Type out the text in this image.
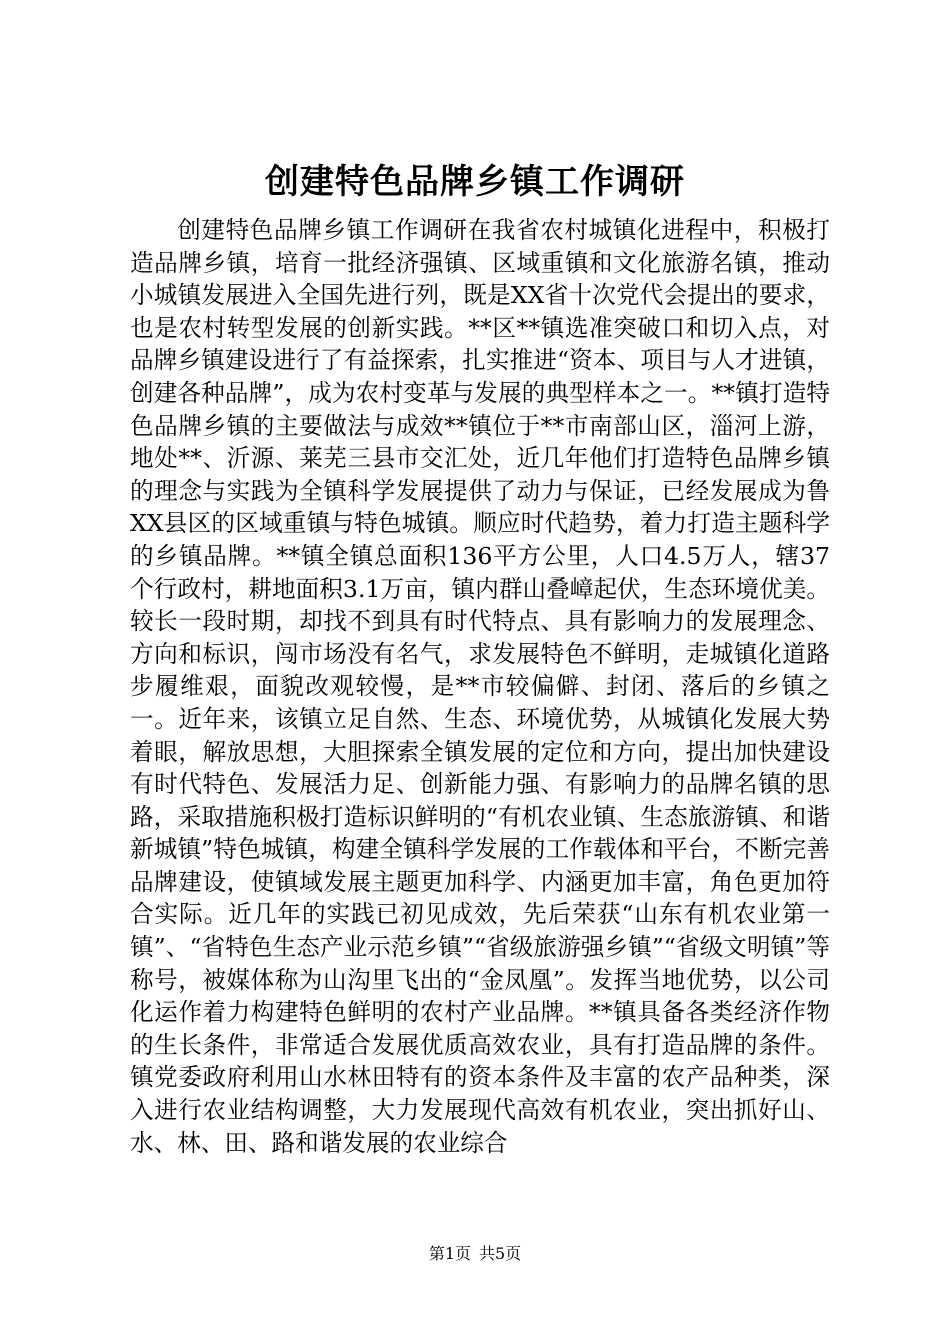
创建特色品牌乡镇工作调研

创建特色品牌乡镇工作调研在我省农村城镇化进程中，积极打造品牌乡镇，培育一批经济强镇、区域重镇和文化旅游名镇，推动小城镇发展进入全国先进行列，既是XX省十次党代会提出的要求，也是农村转型发展的创新实践。**区**镇选准突破口和切入点，对品牌乡镇建设进行了有益探索，扎实推进“资本、项目与人才进镇，创建各种品牌”，成为农村变革与发展的典型样本之一。**镇打造特色品牌乡镇的主要做法与成效**镇位于**市南部山区，淄河上游，地处**、沂源、莱芜三县市交汇处，近几年他们打造特色品牌乡镇的理念与实践为全镇科学发展提供了动力与保证，已经发展成为鲁XX县区的区域重镇与特色城镇。顺应时代趋势，着力打造主题科学的乡镇品牌。**镇全镇总面积136平方公里，人口4.5万人，辖37个行政村，耕地面积3.1万亩，镇内群山叠嶂起伏，生态环境优美。较长一段时期，却找不到具有时代特点、具有影响力的发展理念、方向和标识，闯市场没有名气，求发展特色不鲜明，走城镇化道路步履维艰，面貌改观较慢，是**市较偏僻、封闭、落后的乡镇之一。近年来，该镇立足自然、生态、环境优势，从城镇化发展大势着眼，解放思想，大胆探索全镇发展的定位和方向，提出加快建设有时代特色、发展活力足、创新能力强、有影响力的品牌名镇的思路，采取措施积极打造标识鲜明的“有机农业镇、生态旅游镇、和谐新城镇”特色城镇，构建全镇科学发展的工作载体和平台，不断完善品牌建设，使镇域发展主题更加科学、内涵更加丰富，角色更加符合实际。近几年的实践已初见成效，先后荣获“山东有机农业第一镇”、“省特色生态产业示范乡镇”“省级旅游强乡镇”“省级文明镇”等称号，被媒体称为山沟里飞出的“金凤凰”。发挥当地优势，以公司化运作着力构建特色鲜明的农村产业品牌。**镇具备各类经济作物的生长条件，非常适合发展优质高效农业，具有打造品牌的条件。镇党委政府利用山水林田特有的资本条件及丰富的农产品种类，深入进行农业结构调整，大力发展现代高效有机农业，突出抓好山、水、林、田、路和谐发展的农业综合

第1页 共5页
